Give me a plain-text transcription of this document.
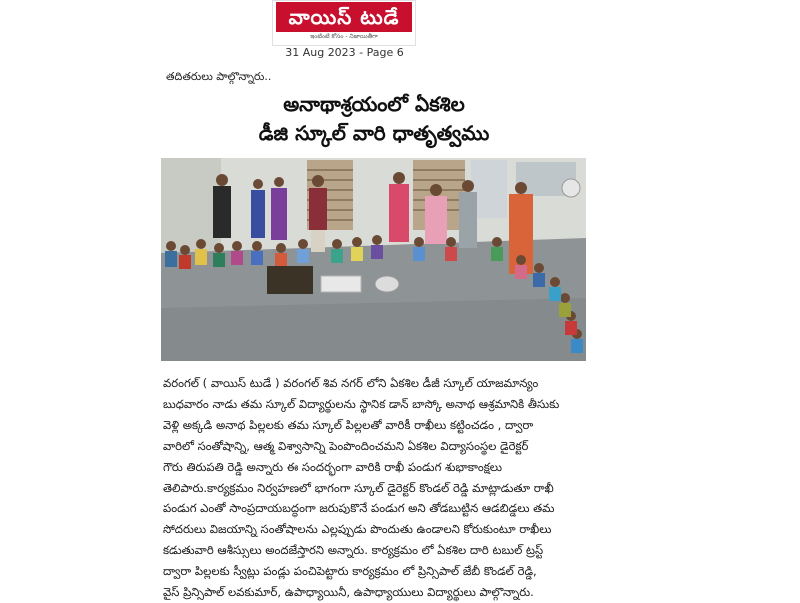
వాయిస్ టుడే
ఇంటింటి కోసం - నిజాయితీగా
31 Aug 2023 - Page 6
తదితరులు పాల్గొన్నారు..
అనాథాశ్రయంలో ఏకశిల
డీజి స్కూల్ వారి ధాతృత్వము
వరంగల్ ( వాయిస్ టుడే ) వరంగల్ శివ నగర్ లోని ఏకశిల డీజీ స్కూల్ యాజమాన్యం
బుధవారం నాడు తమ స్కూల్ విద్యార్థులను స్థానిక డాన్ బాస్కో అనాథ ఆశ్రమానికి తీసుకు
వెళ్లి అక్కడి అనాథ పిల్లలకు తమ స్కూల్ పిల్లలతో వారికీ రాఖీలు కట్టించడం , ద్వారా
వారిలో సంతోషాన్ని, ఆత్మ విశ్వాసాన్ని పెంపొందించమని ఏకశిల విద్యాసంస్థల డైరెక్టర్
గౌరు తిరుపతి రెడ్డి అన్నారు ఈ సందర్భంగా వారికి రాఖీ పండుగ శుభాకాంక్షలు
తెలిపారు.కార్యక్రమం నిర్వహణలో భాగంగా స్కూల్ డైరెక్టర్ కొండల్ రెడ్డి మాట్లాడుతూ రాఖీ
పండుగ ఎంతో సాంప్రదాయబద్ధంగా జరుపుకొనే పండుగ అని తోడబుట్టిన ఆడబిడ్డలు తమ
సోదరులు విజయాన్ని సంతోషాలను ఎల్లప్పుడు పొందుతు ఉండాలని కోరుకుంటూ రాఖీలు
కడుతువారి ఆశీస్సులు అందజేస్తారని అన్నారు. కార్యక్రమం లో ఏకశిల దారి టబుల్ ట్రస్ట్
ద్వారా పిల్లలకు స్వీట్లు పండ్లు పంచిపెట్టారు కార్యక్రమం లో ప్రిన్సిపాల్ జేబీ కొండల్ రెడ్డి,
వైస్ ప్రిన్సిపాల్ లవకుమార్, ఉపాధ్యాయినీ, ఉపాధ్యాయులు విద్యార్థులు పాల్గొన్నారు.
